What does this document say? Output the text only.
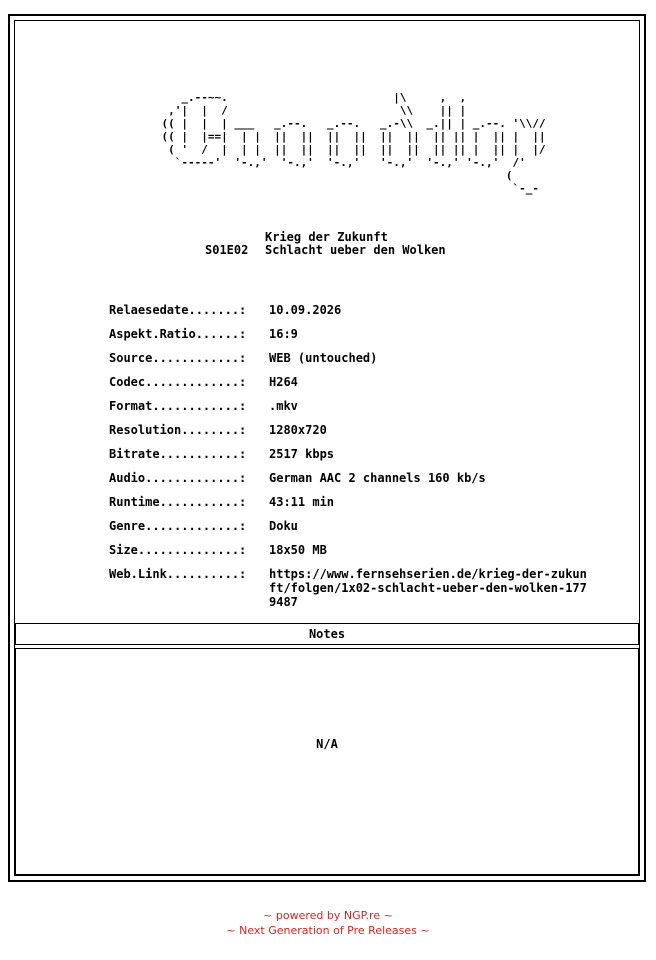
_.--~~.                         |\     ,  ,
,'|  |  /                          \\    || |
(( |  |  | ___   _.--.   _.--.   _.-\\  _.|| | _.--. '\\//
(( |  |==|  | |  ||  ||  ||  ||  ||  ||  || || |  || |  ||
( '  /  |  | |  ||  ||  ||  ||  ||  ||  || || |  || |  |/
`-----'  '-.,'  '-.,'  '-.,'   '-.,'  '-.,' '-.,'  /'
(
`-_-
Krieg der Zukunft
S01E02 Schlacht ueber den Wolken
Relaesedate.......:	10.09.2026
Aspekt.Ratio......:	16:9
Source............:	WEB (untouched)
Codec.............:	H264
Format............:	.mkv
Resolution........:	1280x720
Bitrate...........:	2517 kbps
Audio.............:	German AAC 2 channels 160 kb/s
Runtime...........:	43:11 min
Genre.............:	Doku
Size..............:	18x50 MB
Web.Link..........:	https://www.fernsehserien.de/krieg-der-zukunft/folgen/1x02-schlacht-ueber-den-wolken-1779487
Notes
N/A
~ powered by NGP.re ~
~ Next Generation of Pre Releases ~
